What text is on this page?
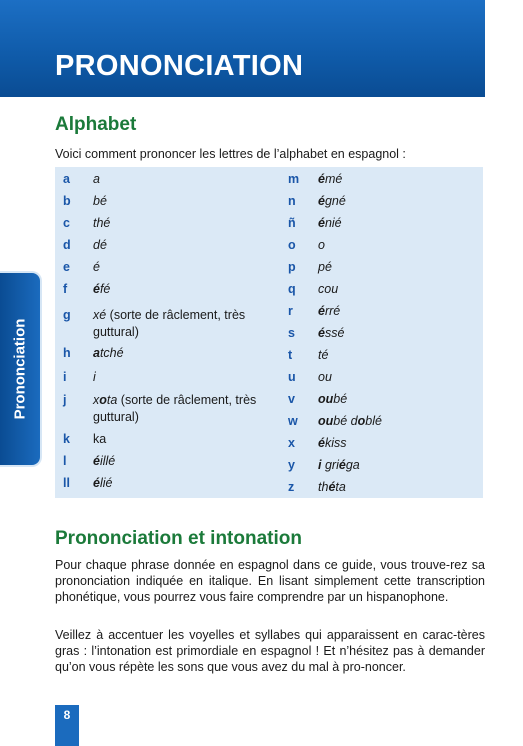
PRONONCIATION
Prononciation
Alphabet
Voici comment prononcer les lettres de l’alphabet en espagnol :
a	a
b	bé
c	thé
d	dé
e	é
f	éfé
g	xé (sorte de râclement, très guttural)
h	atché
i	i
j	xota (sorte de râclement, très guttural)
k	ka
l	éillé
ll	élié
m	émé
n	égné
ñ	énié
o	o
p	pé
q	cou
r	érré
s	éssé
t	té
u	ou
v	oubé
w	oubé doblé
x	ékiss
y	i griéga
z	théta
Prononciation et intonation
Pour chaque phrase donnée en espagnol dans ce guide, vous trouve-rez sa prononciation indiquée en italique. En lisant simplement cette transcription phonétique, vous pourrez vous faire comprendre par un hispanophone.
Veillez à accentuer les voyelles et syllabes qui apparaissent en carac-tères gras : l’intonation est primordiale en espagnol ! Et n’hésitez pas à demander qu’on vous répète les sons que vous avez du mal à pro-noncer.
8
